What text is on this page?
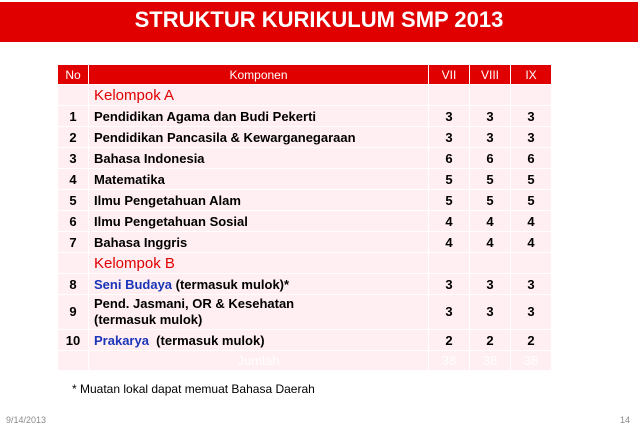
STRUKTUR KURIKULUM SMP 2013
No	Komponen	VII	VIII	IX
	Kelompok A			
1	Pendidikan Agama dan Budi Pekerti	3	3	3
2	Pendidikan Pancasila & Kewarganegaraan	3	3	3
3	Bahasa Indonesia	6	6	6
4	Matematika	5	5	5
5	Ilmu Pengetahuan Alam	5	5	5
6	Ilmu Pengetahuan Sosial	4	4	4
7	Bahasa Inggris	4	4	4
	Kelompok B			
8	Seni Budaya (termasuk mulok)*	3	3	3
9	Pend. Jasmani, OR & Kesehatan
(termasuk mulok)	3	3	3
10	Prakarya  (termasuk mulok)	2	2	2
	Jumlah	38	38	38
* Muatan lokal dapat memuat Bahasa Daerah
9/14/2013	14
